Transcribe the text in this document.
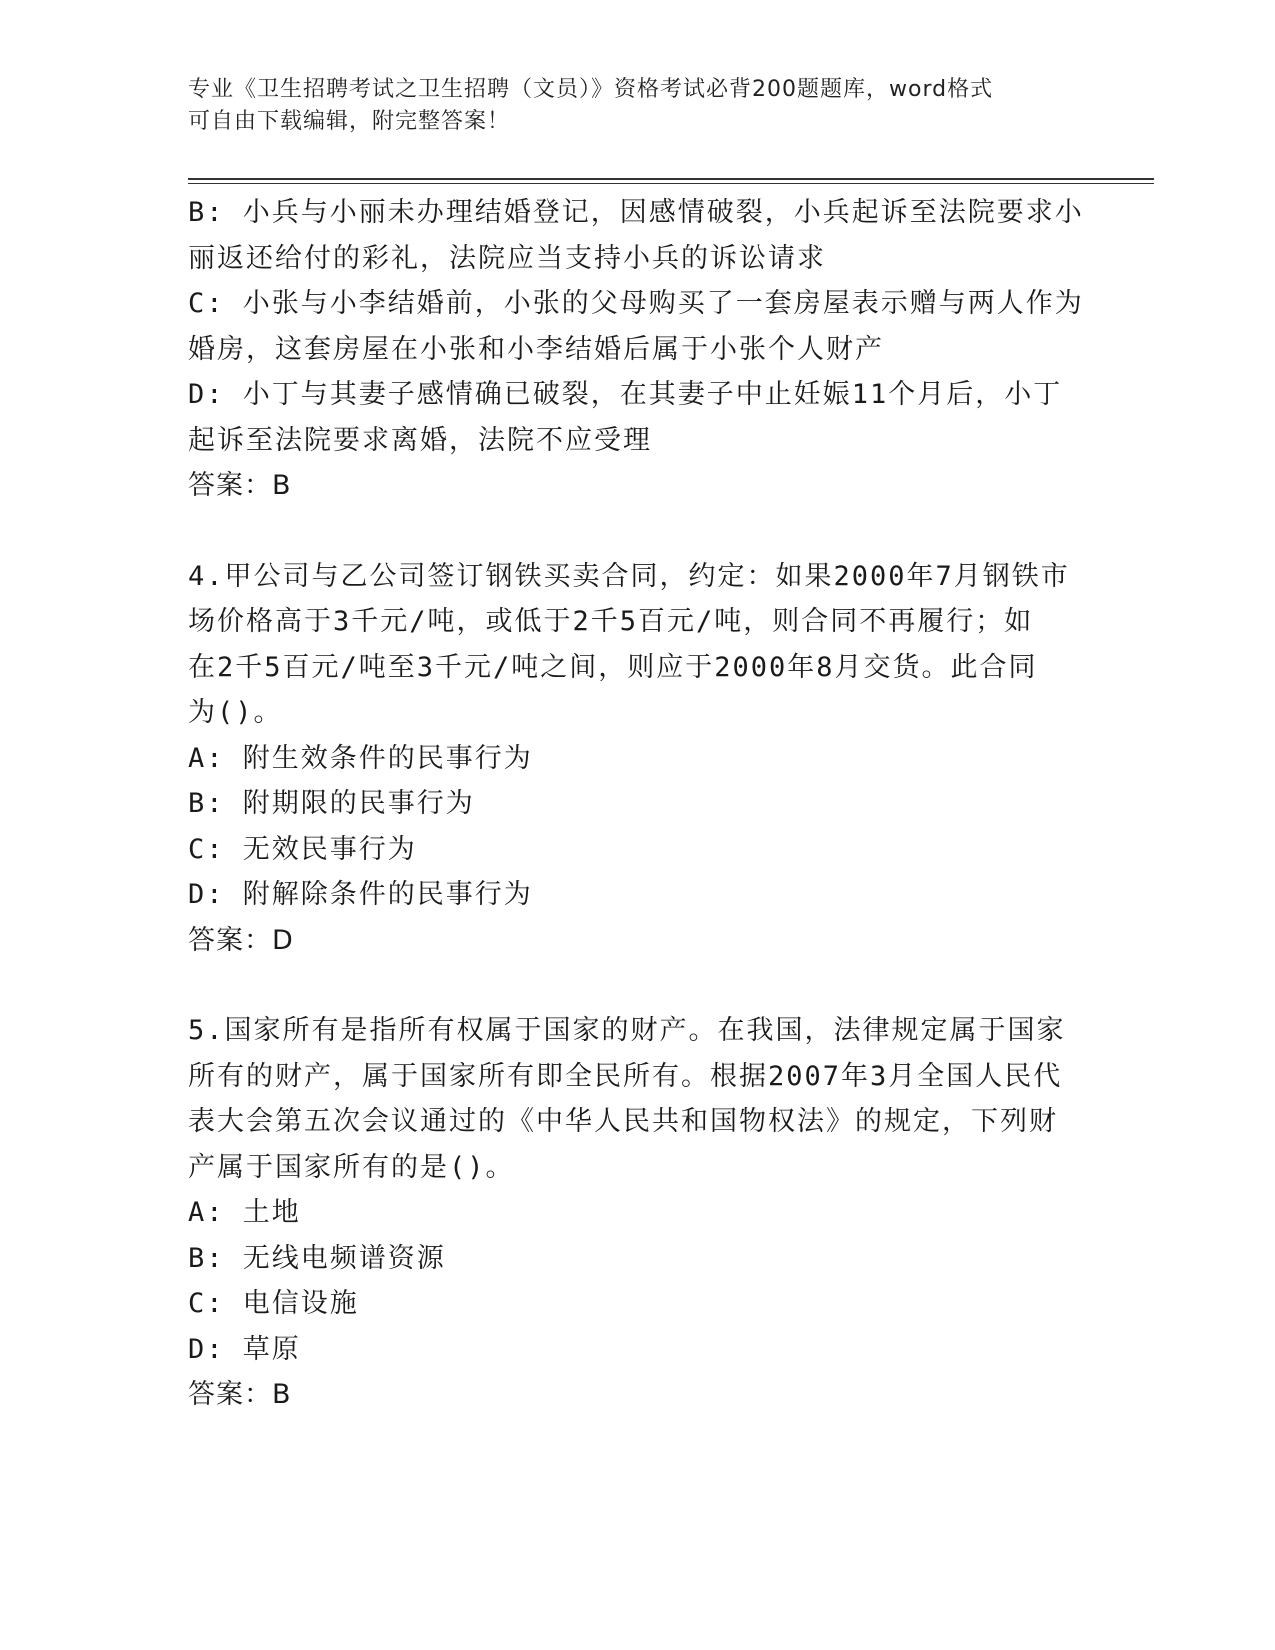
专业《卫生招聘考试之卫生招聘（文员）》资格考试必背200题题库，word格式
可自由下载编辑，附完整答案！
B: 小兵与小丽未办理结婚登记，因感情破裂，小兵起诉至法院要求小
丽返还给付的彩礼，法院应当支持小兵的诉讼请求
C: 小张与小李结婚前，小张的父母购买了一套房屋表示赠与两人作为
婚房，这套房屋在小张和小李结婚后属于小张个人财产
D: 小丁与其妻子感情确已破裂，在其妻子中止妊娠11个月后，小丁
起诉至法院要求离婚，法院不应受理
答案：B
4.甲公司与乙公司签订钢铁买卖合同，约定：如果2000年7月钢铁市
场价格高于3千元/吨，或低于2千5百元/吨，则合同不再履行；如
在2千5百元/吨至3千元/吨之间，则应于2000年8月交货。此合同
为()。
A: 附生效条件的民事行为
B: 附期限的民事行为
C: 无效民事行为
D: 附解除条件的民事行为
答案：D
5.国家所有是指所有权属于国家的财产。在我国，法律规定属于国家
所有的财产，属于国家所有即全民所有。根据2007年3月全国人民代
表大会第五次会议通过的《中华人民共和国物权法》的规定，下列财
产属于国家所有的是()。
A: 土地
B: 无线电频谱资源
C: 电信设施
D: 草原
答案：B
